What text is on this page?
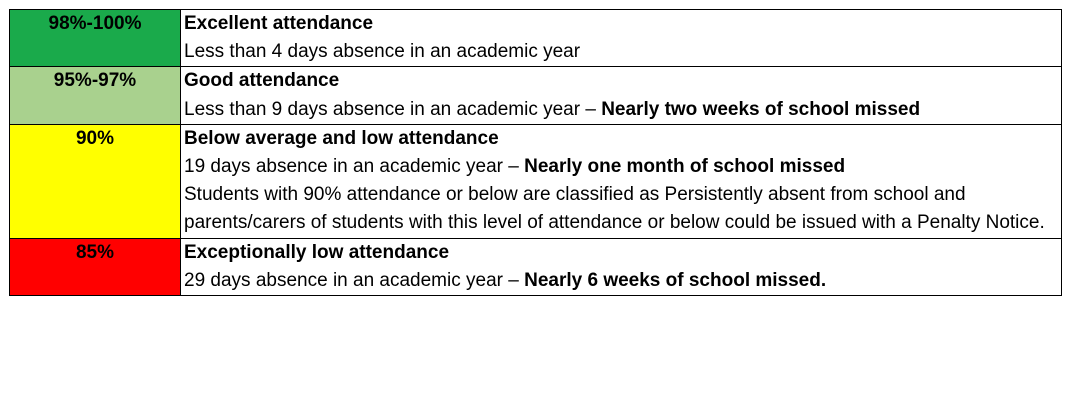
98%-100%	Excellent attendance
Less than 4 days absence in an academic year

95%-97%	Good attendance
Less than 9 days absence in an academic year – Nearly two weeks of school missed
90%	Below average and low attendance
19 days absence in an academic year – Nearly one month of school missed
Students with 90% attendance or below are classified as Persistently absent from school and parents/carers of students with this level of attendance or below could be issued with a Penalty Notice.

85%	Exceptionally low attendance
29 days absence in an academic year – Nearly 6 weeks of school missed.
